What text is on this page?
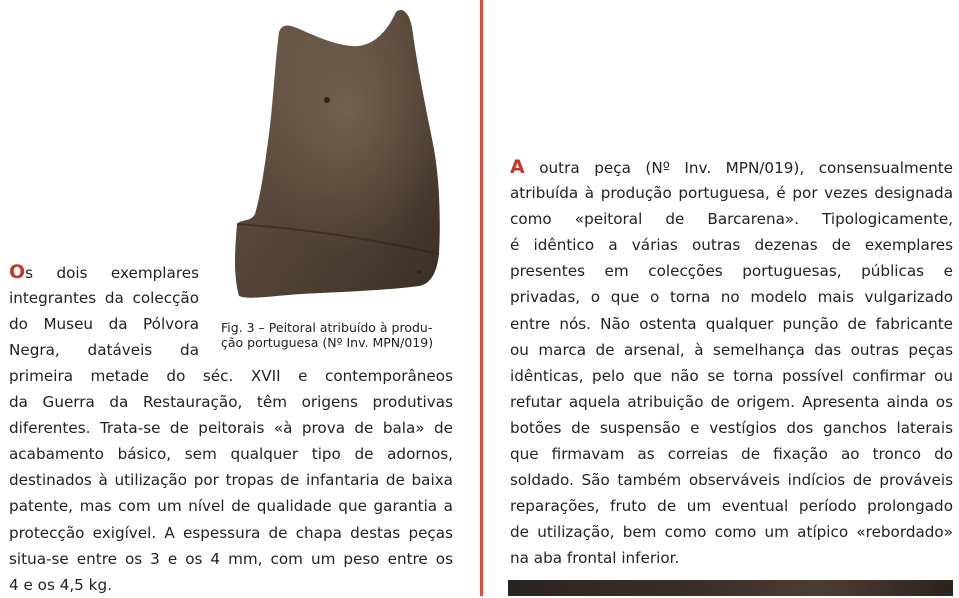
Fig. 3 – Peitoral atribuído à produ-
ção portuguesa (Nº Inv. MPN/019)
Os dois exemplares
integrantes da colecção
do Museu da Pólvora
Negra, datáveis da
primeira metade do séc. XVII e contemporâneos
da Guerra da Restauração, têm origens produtivas
diferentes. Trata-se de peitorais «à prova de bala» de
acabamento básico, sem qualquer tipo de adornos,
destinados à utilização por tropas de infantaria de baixa
patente, mas com um nível de qualidade que garantia a
protecção exigível. A espessura de chapa destas peças
situa-se entre os 3 e os 4 mm, com um peso entre os
4 e os 4,5 kg.
A outra peça (Nº Inv. MPN/019), consensualmente
atribuída à produção portuguesa, é por vezes designada
como «peitoral de Barcarena». Tipologicamente,
é idêntico a várias outras dezenas de exemplares
presentes em colecções portuguesas, públicas e
privadas, o que o torna no modelo mais vulgarizado
entre nós. Não ostenta qualquer punção de fabricante
ou marca de arsenal, à semelhança das outras peças
idênticas, pelo que não se torna possível confirmar ou
refutar aquela atribuição de origem. Apresenta ainda os
botões de suspensão e vestígios dos ganchos laterais
que firmavam as correias de fixação ao tronco do
soldado. São também observáveis indícios de prováveis
reparações, fruto de um eventual período prolongado
de utilização, bem como como um atípico «rebordado»
na aba frontal inferior.
